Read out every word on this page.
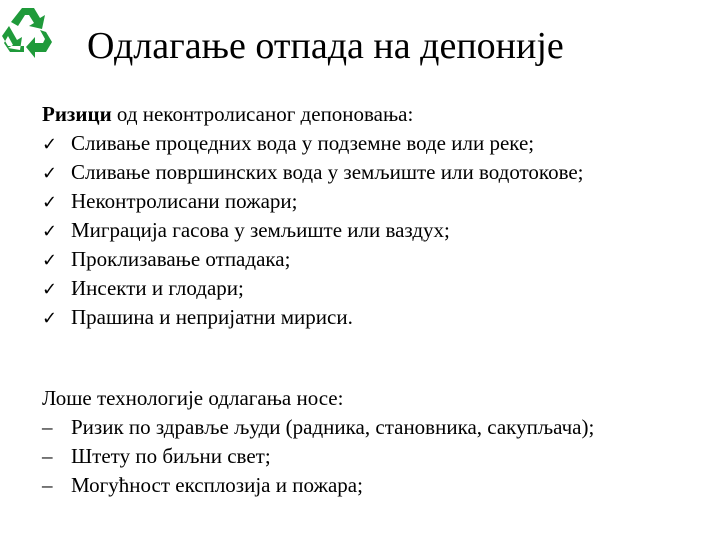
Одлагање отпада на депоније
Ризици од неконтролисаног депоновања:
✓ Сливање процедних вода у подземне воде или реке;
✓ Сливање површинских вода у земљиште или водотокове;
✓ Неконтролисани пожари;
✓ Миграција гасова у земљиште или ваздух;
✓ Проклизавање отпадака;
✓ Инсекти и глодари;
✓ Прашина и непријатни мириси.
Лоше технологије одлагања носе:
– Ризик по здравље људи (радника, становника, сакупљача);
– Штету по биљни свет;
– Могућност експлозија и пожара;
